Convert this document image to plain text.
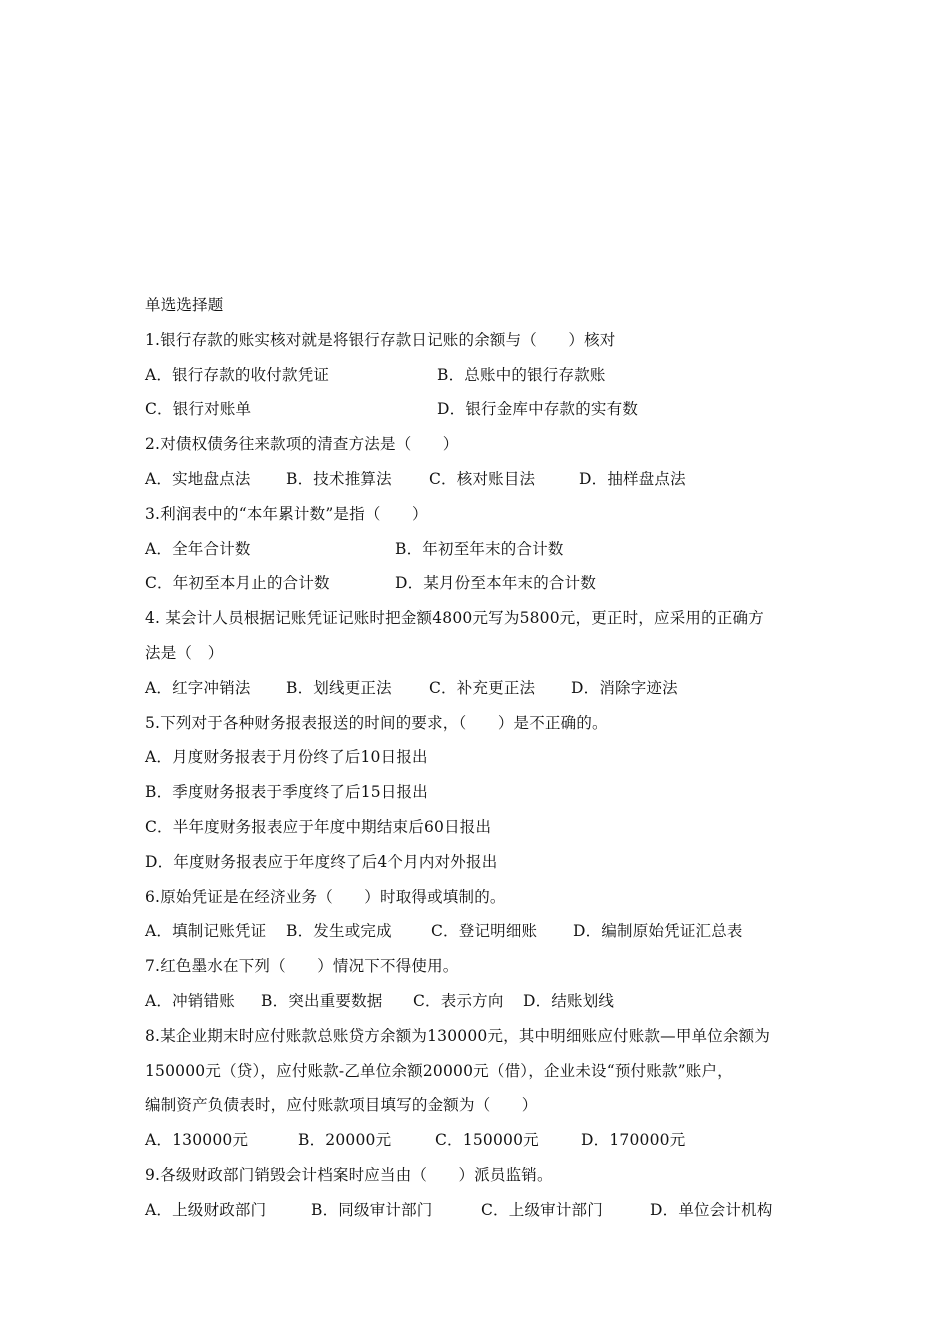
单选选择题
1.银行存款的账实核对就是将银行存款日记账的余额与（　　）核对
A．银行存款的收付款凭证	B．总账中的银行存款账
C．银行对账单	D．银行金库中存款的实有数
2.对债权债务往来款项的清查方法是（　　）
A．实地盘点法	B．技术推算法	C．核对账目法	D．抽样盘点法
3.利润表中的“本年累计数”是指（　　）
A．全年合计数	B．年初至年末的合计数
C．年初至本月止的合计数	D．某月份至本年末的合计数
4. 某会计人员根据记账凭证记账时把金额4800元写为5800元，更正时，应采用的正确方
法是（　）
A．红字冲销法	B．划线更正法	C．补充更正法	D．消除字迹法
5.下列对于各种财务报表报送的时间的要求，（　　）是不正确的。
A．月度财务报表于月份终了后10日报出
B．季度财务报表于季度终了后15日报出
C．半年度财务报表应于年度中期结束后60日报出
D．年度财务报表应于年度终了后4个月内对外报出
6.原始凭证是在经济业务（　　）时取得或填制的。
A．填制记账凭证	B．发生或完成	C．登记明细账	D．编制原始凭证汇总表
7.红色墨水在下列（　　）情况下不得使用。
A．冲销错账	B．突出重要数据	C．表示方向	D．结账划线
8.某企业期末时应付账款总账贷方余额为130000元，其中明细账应付账款—甲单位余额为
150000元（贷），应付账款-乙单位余额20000元（借），企业未设“预付账款”账户，
编制资产负债表时，应付账款项目填写的金额为（　　）
A．130000元	B．20000元	C．150000元	D．170000元
9.各级财政部门销毁会计档案时应当由（　　）派员监销。
A．上级财政部门	B．同级审计部门	C．上级审计部门	D．单位会计机构
